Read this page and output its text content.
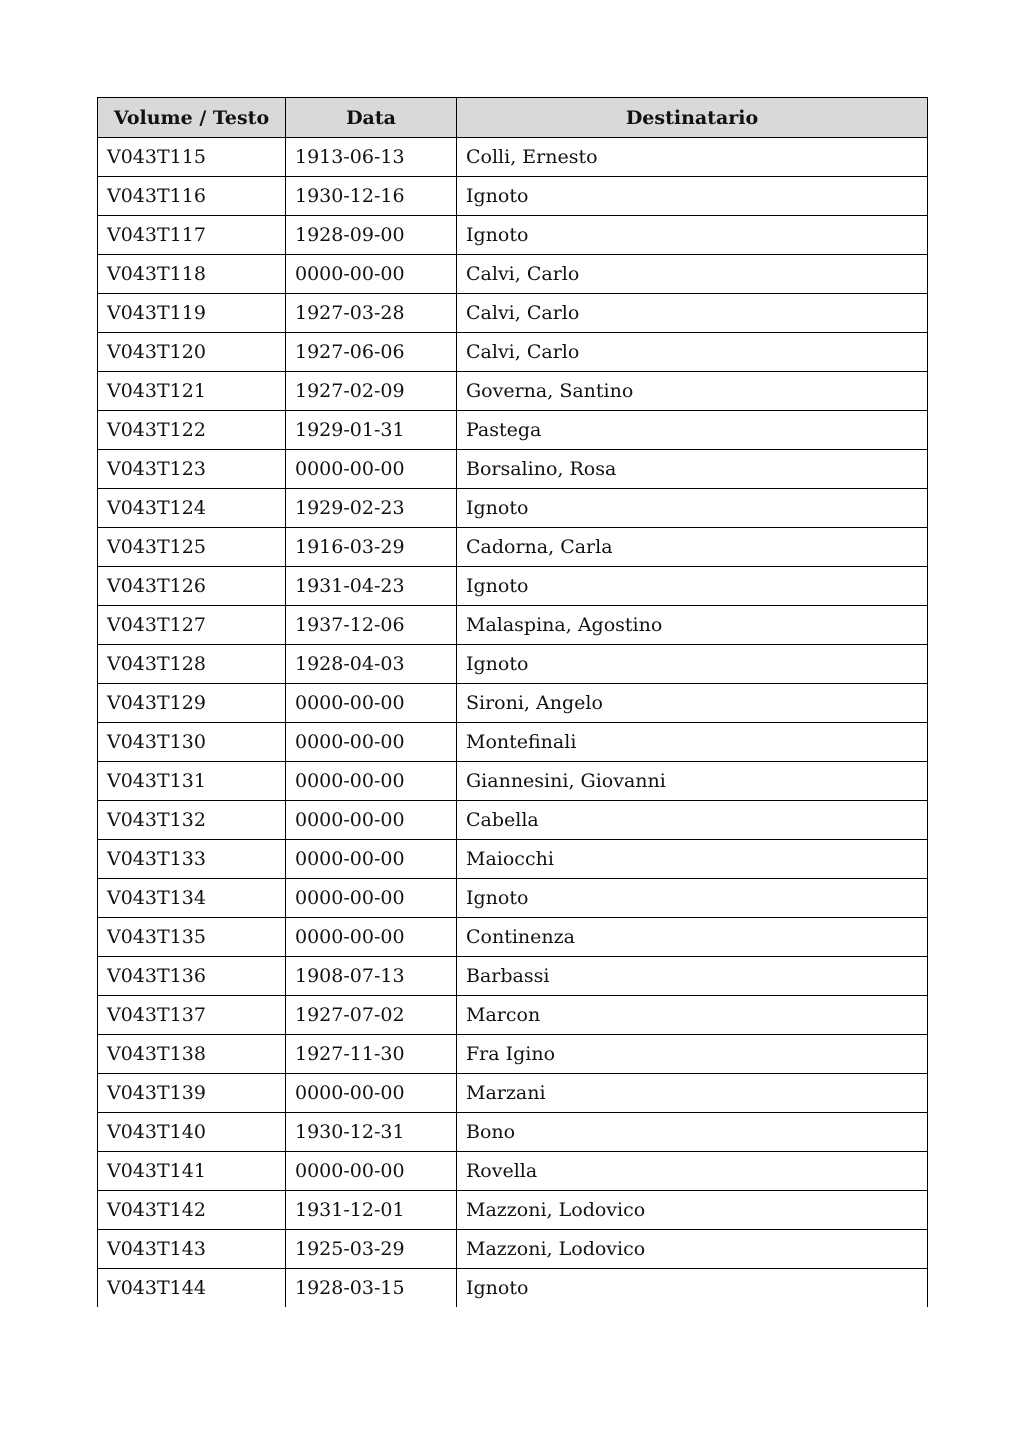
Volume / Testo	Data	Destinatario
V043T115	1913-06-13	Colli, Ernesto
V043T116	1930-12-16	Ignoto
V043T117	1928-09-00	Ignoto
V043T118	0000-00-00	Calvi, Carlo
V043T119	1927-03-28	Calvi, Carlo
V043T120	1927-06-06	Calvi, Carlo
V043T121	1927-02-09	Governa, Santino
V043T122	1929-01-31	Pastega
V043T123	0000-00-00	Borsalino, Rosa
V043T124	1929-02-23	Ignoto
V043T125	1916-03-29	Cadorna, Carla
V043T126	1931-04-23	Ignoto
V043T127	1937-12-06	Malaspina, Agostino
V043T128	1928-04-03	Ignoto
V043T129	0000-00-00	Sironi, Angelo
V043T130	0000-00-00	Montefinali
V043T131	0000-00-00	Giannesini, Giovanni
V043T132	0000-00-00	Cabella
V043T133	0000-00-00	Maiocchi
V043T134	0000-00-00	Ignoto
V043T135	0000-00-00	Continenza
V043T136	1908-07-13	Barbassi
V043T137	1927-07-02	Marcon
V043T138	1927-11-30	Fra Igino
V043T139	0000-00-00	Marzani
V043T140	1930-12-31	Bono
V043T141	0000-00-00	Rovella
V043T142	1931-12-01	Mazzoni, Lodovico
V043T143	1925-03-29	Mazzoni, Lodovico
V043T144	1928-03-15	Ignoto
